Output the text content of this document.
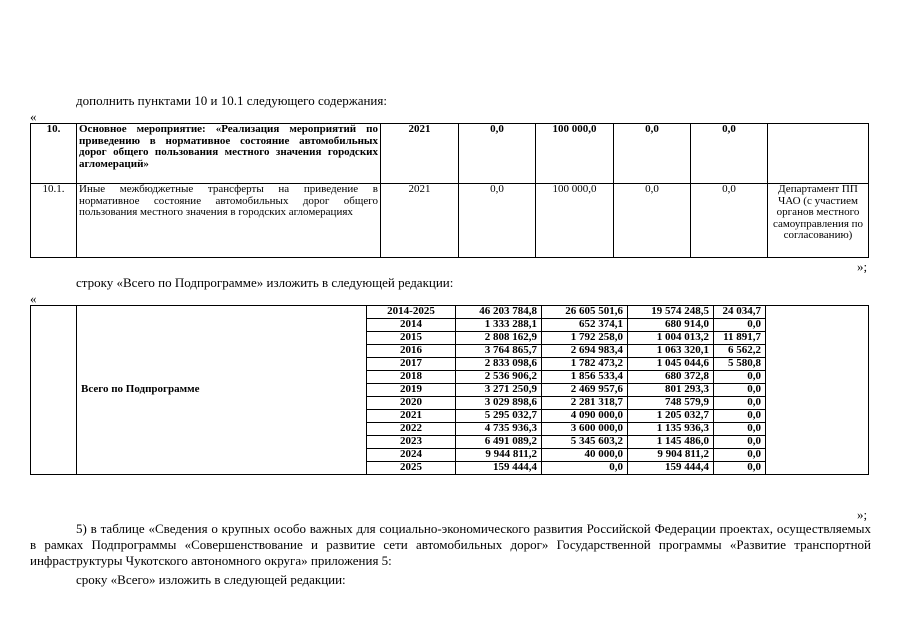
дополнить пунктами 10 и 10.1 следующего содержания:
«
10.	Основное мероприятие: «Реализация мероприятий по приведению в нормативное состояние автомобильных дорог общего пользования местного значения городских агломераций»	2021	0,0	100 000,0	0,0	0,0	
10.1.	Иные межбюджетные трансферты на приведение в нормативное состояние автомобильных дорог общего пользования местного значения в городских агломерациях	2021	0,0	100 000,0	0,0	0,0	Департамент ПП ЧАО (с участием органов местного самоуправления по согласованию)
»;
строку «Всего по Подпрограмме» изложить в следующей редакции:
«
	Всего по Подпрограмме	2014-2025	46 203 784,8	26 605 501,6	19 574 248,5	24 034,7	
		2014	1 333 288,1	652 374,1	680 914,0	0,0	
		2015	2 808 162,9	1 792 258,0	1 004 013,2	11 891,7	
		2016	3 764 865,7	2 694 983,4	1 063 320,1	6 562,2	
		2017	2 833 098,6	1 782 473,2	1 045 044,6	5 580,8	
		2018	2 536 906,2	1 856 533,4	680 372,8	0,0	
		2019	3 271 250,9	2 469 957,6	801 293,3	0,0	
		2020	3 029 898,6	2 281 318,7	748 579,9	0,0	
		2021	5 295 032,7	4 090 000,0	1 205 032,7	0,0	
		2022	4 735 936,3	3 600 000,0	1 135 936,3	0,0	
		2023	6 491 089,2	5 345 603,2	1 145 486,0	0,0	
		2024	9 944 811,2	40 000,0	9 904 811,2	0,0	
		2025	159 444,4	0,0	159 444,4	0,0	
»;
5) в таблице «Сведения о крупных особо важных для социально-экономического развития Российской Федерации проектах, осуществляемых в рамках Подпрограммы «Совершенствование и развитие сети автомобильных дорог» Государственной программы «Развитие транспортной инфраструктуры Чукотского автономного округа» приложения 5:
сроку «Всего» изложить в следующей редакции:
